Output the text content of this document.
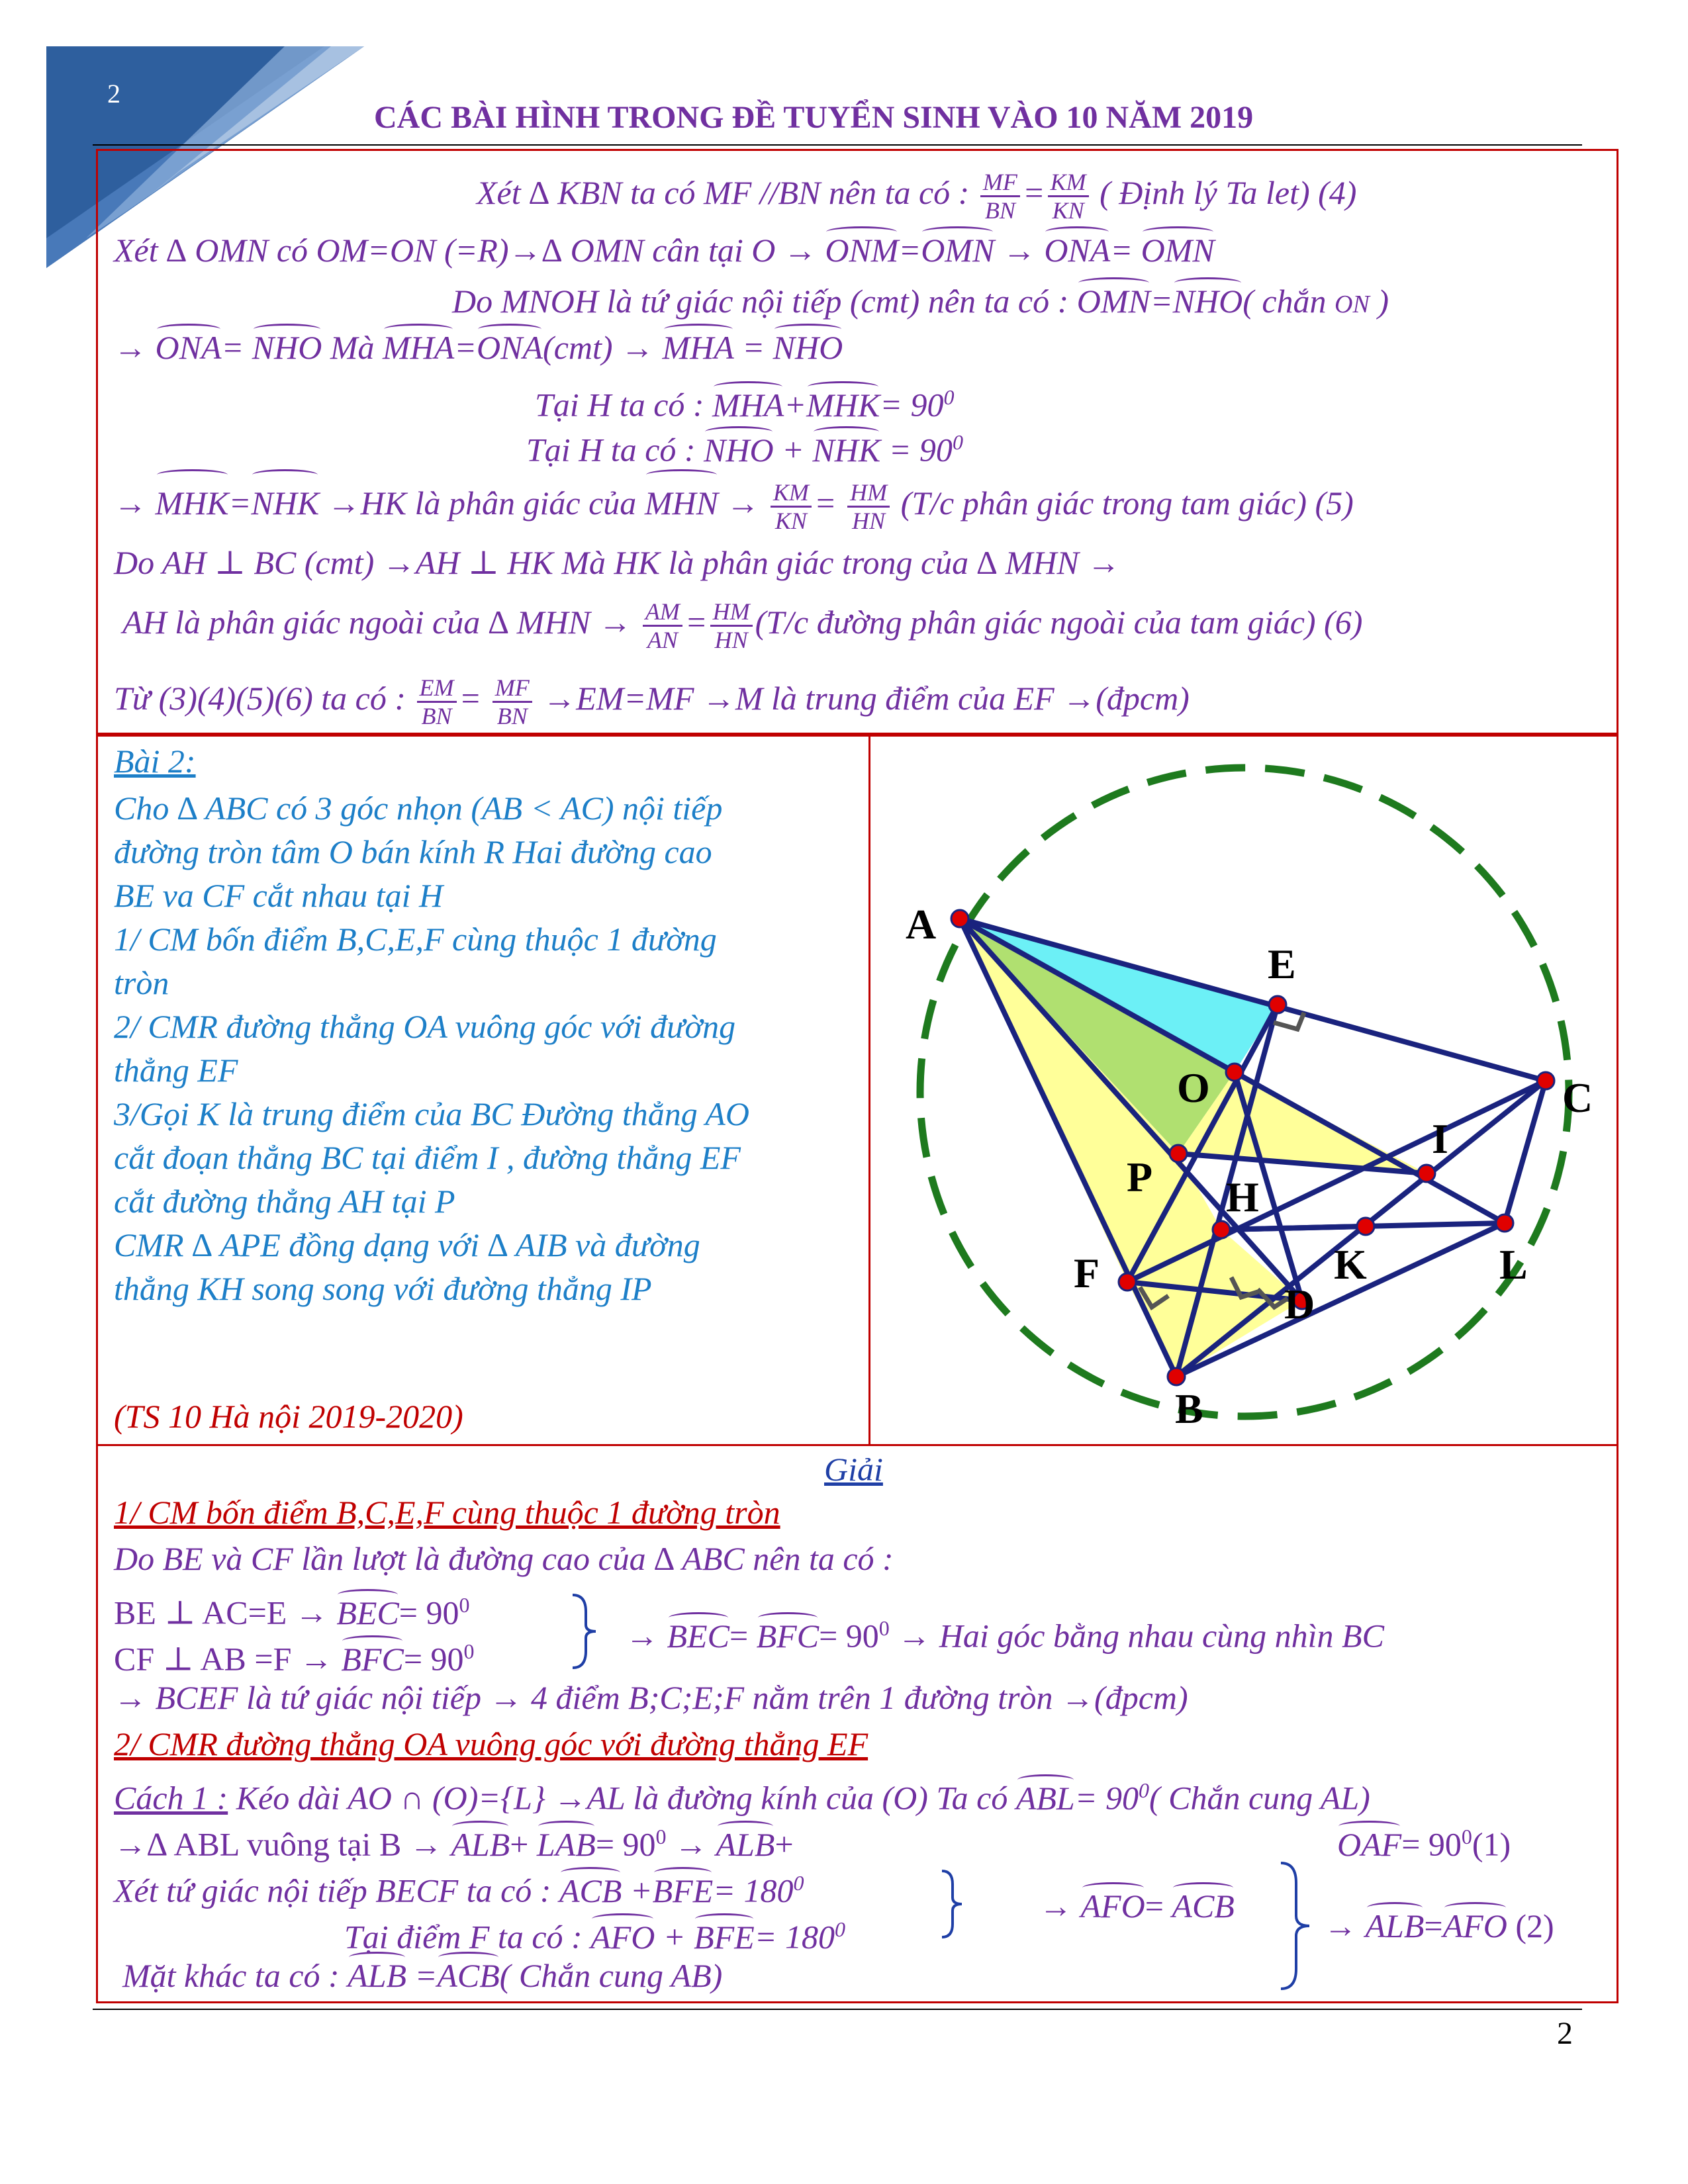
2
CÁC BÀI HÌNH TRONG ĐỀ TUYỂN SINH VÀO 10 NĂM 2019
Xét ∆ KBN ta có MF //BN nên ta có : $\frac{MF}{BN} = \frac{KM}{KN}$ ( Định lý Ta let) (4)
Xét ∆ OMN có OM=ON (=R)→∆ OMN cân tại O → ONM=OMN → ONA= OMN
Do MNOH là tứ giác nội tiếp (cmt) nên ta có : OMN=NHO( chắn ON )
→ ONA= NHO Mà MHA=ONA(cmt) → MHA = NHO
Tại H ta có : $MHA+MHK= 90^0$
Tại H ta có : NHO + NHK = $90^0$
→ MHK=NHK →HK là phân giác của MHN → $\frac{KM}{KN} = \frac{HM}{HN} (T/c$ phân giác trong tam giác) (5)
Do AH ⊥ BC (cmt) →AH ⊥ HK Mà HK là phân giác trong của ∆ MHN →
AH là phân giác ngoài của ∆ MHN → $\frac{AM}{AN} = \frac{HM}{HN} (T/c$ đường phân giác ngoài của tam giác) (6)
Từ (3)(4)(5)(6) ta có : $\frac{EM}{BN} = \frac{MF}{BN} \to EM=MF \to M$ là trung điểm của EF →(đpcm)
Bài 2:
Cho ∆ ABC có 3 góc nhọn (AB < AC) nội tiếp
đường tròn tâm O bán kính R Hai đường cao
BE va CF cắt nhau tại H
1/ CM bốn điểm B,C,E,F cùng thuộc 1 đường
tròn
2/ CMR đường thẳng OA vuông góc với đường
thẳng EF
3/Gọi K là trung điểm của BC Đường thẳng AO
cắt đoạn thẳng BC tại điểm I , đường thẳng EF
cắt đường thẳng AH tại P
CMR ∆ APE đồng dạng với ∆ AIB và đường
thẳng KH song song với đường thẳng IP
(TS 10 Hà nội 2019-2020)
A
E
O	C
I
P H
K	L
F
D
B
Giải
1/ CM bốn điểm B,C,E,F cùng thuộc 1 đường tròn
Do BE và CF lần lượt là đường cao của ∆ ABC nên ta có :
BE ⊥ $AC=E \to BEC= 90^0$
CF ⊥ AB $=F \to BFC= 90^0$	→ $BEC= BFC= 90^0$ → Hai góc bằng nhau cùng nhìn BC
→ BCEF là tứ giác nội tiếp → 4 điểm B;C;E;F nằm trên 1 đường tròn →(đpcm)
2/ CMR đường thẳng OA vuông góc với đường thẳng EF
Cách 1 : Kéo dài AO ∩ (O)={L} →AL là đường kính của (O) Ta có $ABL= 90^0$( Chắn cung AL)
→∆ ABL vuông tại $B \to ALB+ LAB= 90^0 \to ALB+$	$OAF= 90^0(1)$
Xét tứ giác nội tiếp BECF ta có : ACB $+BFE= 180^0$
Tại điểm F ta có : AFO + $BFE= 180^0$
→ AFO= ACB
→ ALB=AFO (2)
Mặt khác ta có : ALB =ACB( Chắn cung AB)
2
